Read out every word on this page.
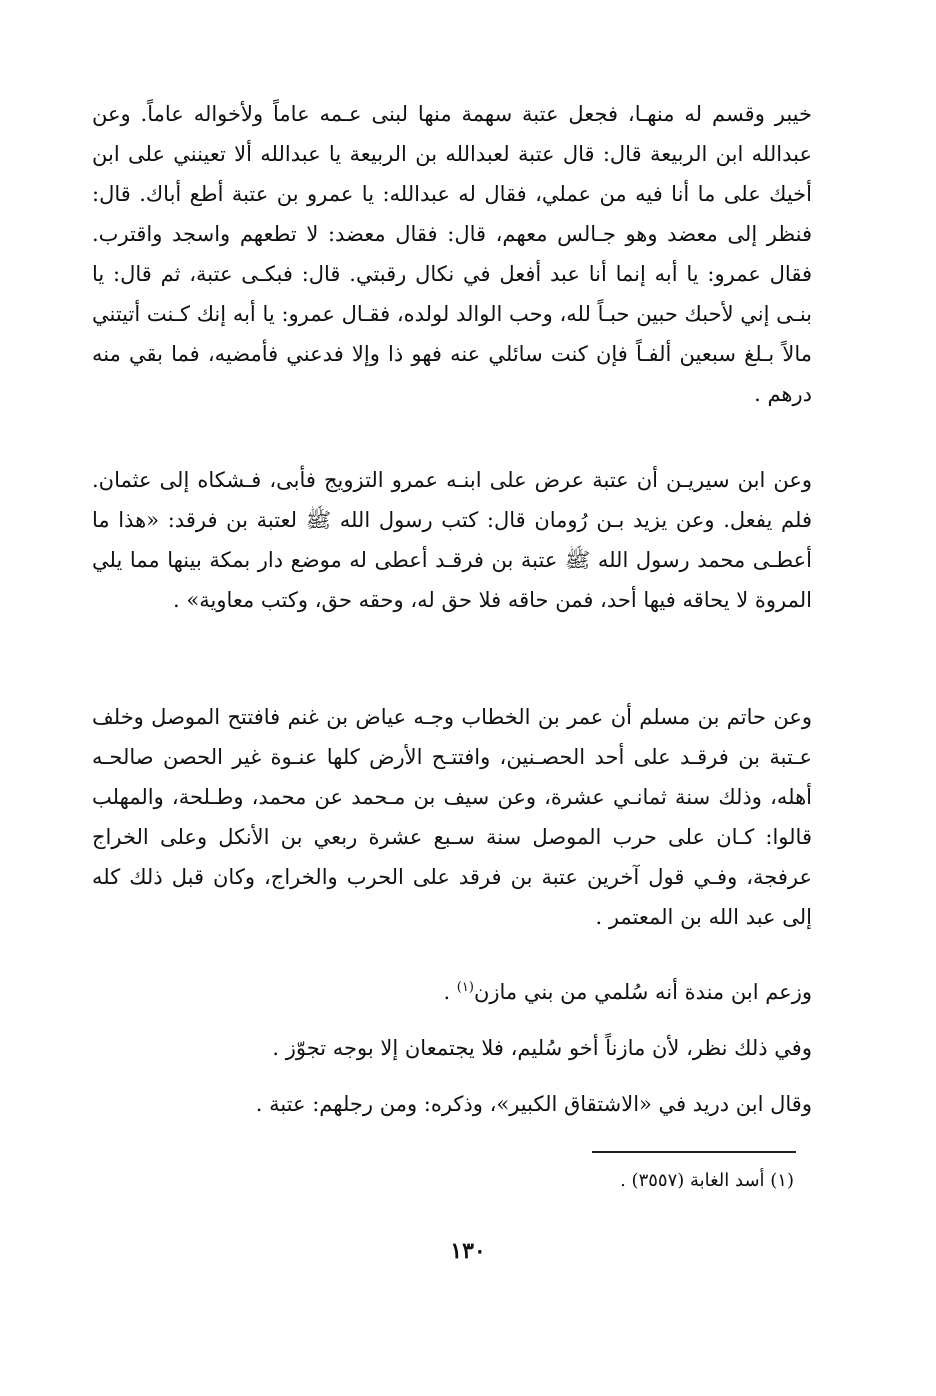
خيبر وقسم له منهـا، فجعل عتبة سهمة منها لبنى عـمه عاماً ولأخواله عاماً. وعن عبدالله ابن الربيعة قال: قال عتبة لعبدالله بن الربيعة يا عبدالله ألا تعينني على ابن أخيك على ما أنا فيه من عملي، فقال له عبدالله: يا عمرو بن عتبة أطع أباك. قال: فنظر إلى معضد وهو جـالس معهم، قال: فقال معضد: لا تطعهم واسجد واقترب. فقال عمرو: يا أبه إنما أنا عبد أفعل في نكال رقبتي. قال: فبكـى عتبة، ثم قال: يا بنـى إني لأحبك حبين حبـاً لله، وحب الوالد لولده، فقـال عمرو: يا أبه إنك كـنت أتيتني مالاً بـلغ سبعين ألفـاً فإن كنت سائلي عنه فهو ذا وإلا فدعني فأمضيه، فما بقي منه درهم .

وعن ابن سيريـن أن عتبة عرض على ابنـه عمرو التزويج فأبى، فـشكاه إلى عثمان. فلم يفعل. وعن يزيد بـن رُومان قال: كتب رسول الله ﷺ لعتبة بن فرقد: «هذا ما أعطـى محمد رسول الله ﷺ عتبة بن فرقـد أعطى له موضع دار بمكة بينها مما يلي المروة لا يحاقه فيها أحد، فمن حاقه فلا حق له، وحقه حق، وكتب معاوية» .

وعن حاتم بن مسلم أن عمر بن الخطاب وجـه عياض بن غنم فافتتح الموصل وخلف عـتبة بن فرقـد على أحد الحصـنين، وافتتـح الأرض كلها عنـوة غير الحصن صالحـه أهله، وذلك سنة ثمانـي عشرة، وعن سيف بن مـحمد عن محمد، وطـلحة، والمهلب قالوا: كـان على حرب الموصل سنة سـبع عشرة ربعي بن الأنكل وعلى الخراج عرفجة، وفـي قول آخرين عتبة بن فرقد على الحرب والخراج، وكان قبل ذلك كله إلى عبد الله بن المعتمر .

وزعم ابن مندة أنه سُلمي من بني مازن$^{(١)}$ .

وفي ذلك نظر، لأن مازناً أخو سُليم، فلا يجتمعان إلا بوجه تجوّز .

وقال ابن دريد في «الاشتقاق الكبير»، وذكره: ومن رجلهم: عتبة .

(١) أسد الغابة (٣٥٥٧) .
١٣٠
